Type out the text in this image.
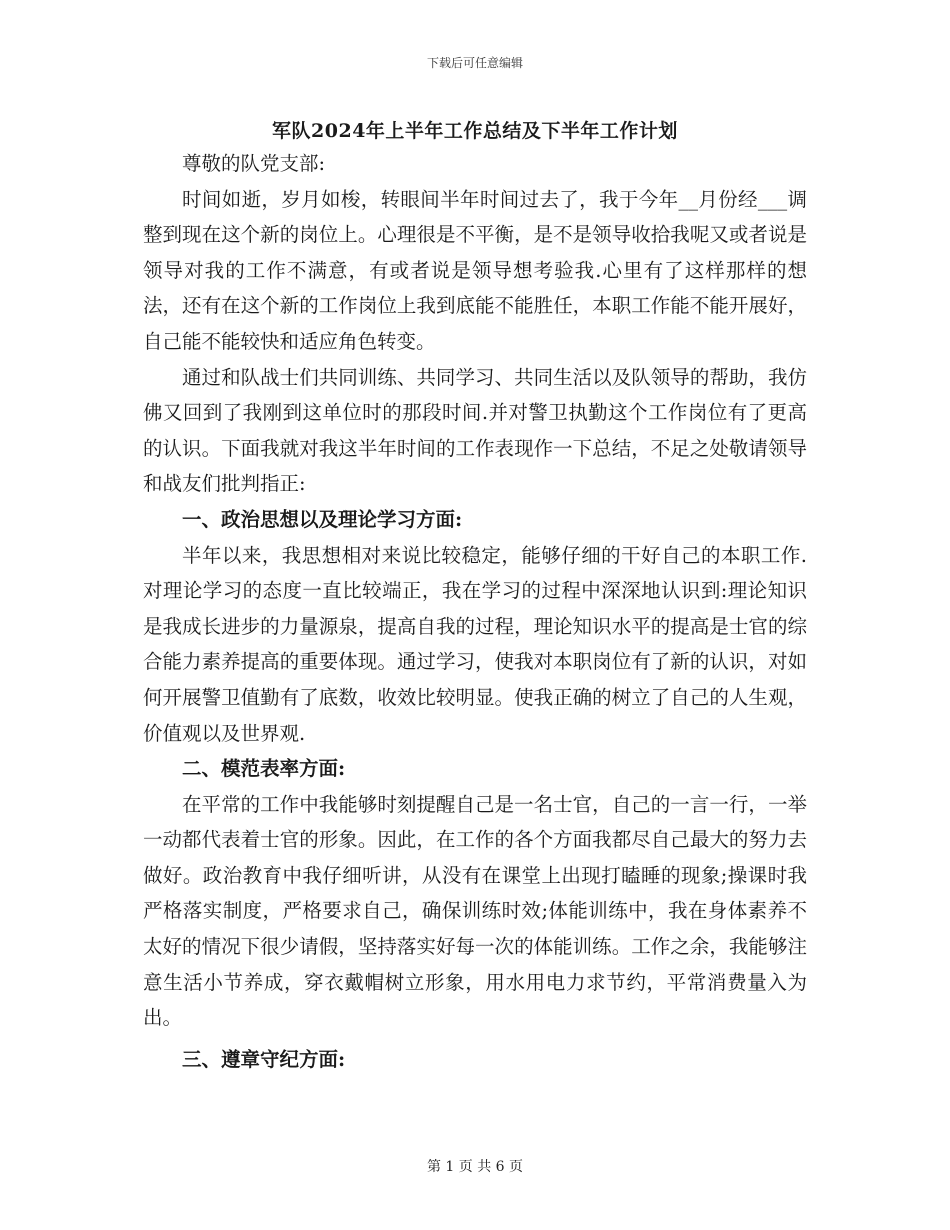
下载后可任意编辑
军队2024年上半年工作总结及下半年工作计划

尊敬的队党支部:

时间如逝，岁月如梭，转眼间半年时间过去了，我于今年__月份经___调整到现在这个新的岗位上。心理很是不平衡，是不是领导收拾我呢又或者说是领导对我的工作不满意，有或者说是领导想考验我.心里有了这样那样的想法，还有在这个新的工作岗位上我到底能不能胜任，本职工作能不能开展好，自己能不能较快和适应角色转变。

通过和队战士们共同训练、共同学习、共同生活以及队领导的帮助，我仿佛又回到了我刚到这单位时的那段时间.并对警卫执勤这个工作岗位有了更高的认识。下面我就对我这半年时间的工作表现作一下总结，不足之处敬请领导和战友们批判指正:

一、政治思想以及理论学习方面:

半年以来，我思想相对来说比较稳定，能够仔细的干好自己的本职工作.对理论学习的态度一直比较端正，我在学习的过程中深深地认识到:理论知识是我成长进步的力量源泉，提高自我的过程，理论知识水平的提高是士官的综合能力素养提高的重要体现。通过学习，使我对本职岗位有了新的认识，对如何开展警卫值勤有了底数，收效比较明显。使我正确的树立了自己的人生观，价值观以及世界观.

二、模范表率方面:

在平常的工作中我能够时刻提醒自己是一名士官，自己的一言一行，一举一动都代表着士官的形象。因此，在工作的各个方面我都尽自己最大的努力去做好。政治教育中我仔细听讲，从没有在课堂上出现打瞌睡的现象;操课时我严格落实制度，严格要求自己，确保训练时效;体能训练中，我在身体素养不太好的情况下很少请假，坚持落实好每一次的体能训练。工作之余，我能够注意生活小节养成，穿衣戴帽树立形象，用水用电力求节约，平常消费量入为出。

三、遵章守纪方面:

第 1 页 共 6 页
